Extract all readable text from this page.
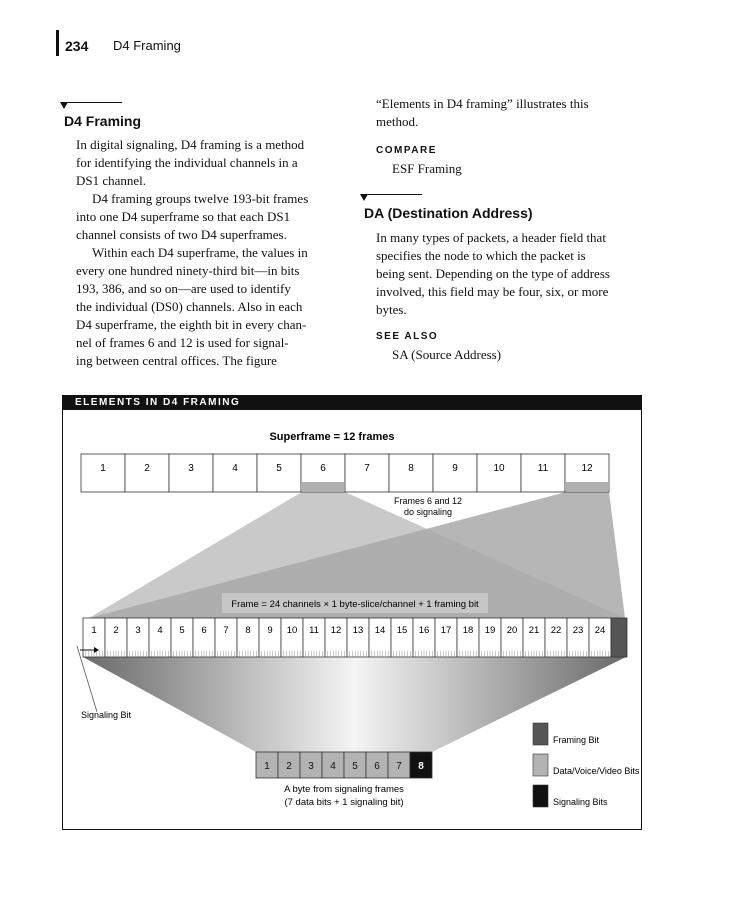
234 D4 Framing
D4 Framing
In digital signaling, D4 framing is a method
for identifying the individual channels in a
DS1 channel.
D4 framing groups twelve 193-bit frames
into one D4 superframe so that each DS1
channel consists of two D4 superframes.
Within each D4 superframe, the values in
every one hundred ninety-third bit—in bits
193, 386, and so on—are used to identify
the individual (DS0) channels. Also in each
D4 superframe, the eighth bit in every chan-
nel of frames 6 and 12 is used for signal-
ing between central offices. The figure
“Elements in D4 framing” illustrates this
method.
COMPARE
ESF Framing
DA (Destination Address)
In many types of packets, a header field that
specifies the node to which the packet is
being sent. Depending on the type of address
involved, this field may be four, six, or more
bytes.
SEE ALSO
SA (Source Address)
ELEMENTS IN D4 FRAMING
Superframe = 12 frames
1	2	3	4	5	6	7	8	9	10	11	12
Frames 6 and 12
do signaling
Frame = 24 channels × 1 byte-slice/channel + 1 framing bit
1 2 3 4 5 6 7 8 9 10 11 12 13 14 15 16 17 18 19 20 21 22 23 24
Signaling Bit
1 2 3 4 5 6 7 8
A byte from signaling frames
(7 data bits + 1 signaling bit)
Framing Bit
Data/Voice/Video Bits
Signaling Bits
